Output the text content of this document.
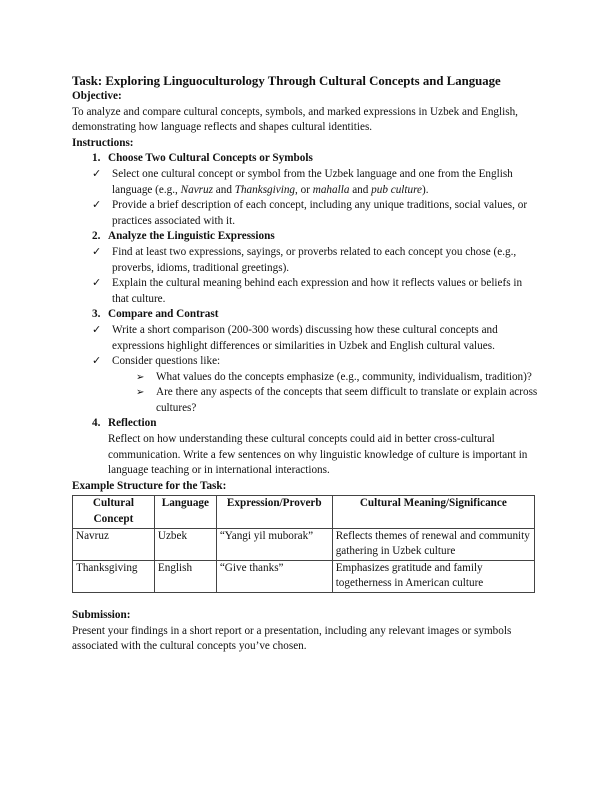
Task: Exploring Linguoculturology Through Cultural Concepts and Language
Objective:

To analyze and compare cultural concepts, symbols, and marked expressions in Uzbek and English, demonstrating how language reflects and shapes cultural identities.

Instructions:
1. Choose Two Cultural Concepts or Symbols
✓ Select one cultural concept or symbol from the Uzbek language and one from the English language (e.g., Navruz and Thanksgiving, or mahalla and pub culture).
✓ Provide a brief description of each concept, including any unique traditions, social values, or practices associated with it.
2. Analyze the Linguistic Expressions
✓ Find at least two expressions, sayings, or proverbs related to each concept you chose (e.g., proverbs, idioms, traditional greetings).
✓ Explain the cultural meaning behind each expression and how it reflects values or beliefs in that culture.
3. Compare and Contrast
✓ Write a short comparison (200-300 words) discussing how these cultural concepts and expressions highlight differences or similarities in Uzbek and English cultural values.
✓ Consider questions like:
➢ What values do the concepts emphasize (e.g., community, individualism, tradition)?
➢ Are there any aspects of the concepts that seem difficult to translate or explain across cultures?
4. Reflection

Reflect on how understanding these cultural concepts could aid in better cross-cultural communication. Write a few sentences on why linguistic knowledge of culture is important in language teaching or in international interactions.

Example Structure for the Task:
Cultural Concept	Language	Expression/Proverb	Cultural Meaning/Significance
Navruz	Uzbek	“Yangi yil muborak”	Reflects themes of renewal and community gathering in Uzbek culture
Thanksgiving	English	“Give thanks”	Emphasizes gratitude and family togetherness in American culture
Submission:

Present your findings in a short report or a presentation, including any relevant images or symbols associated with the cultural concepts you’ve chosen.
